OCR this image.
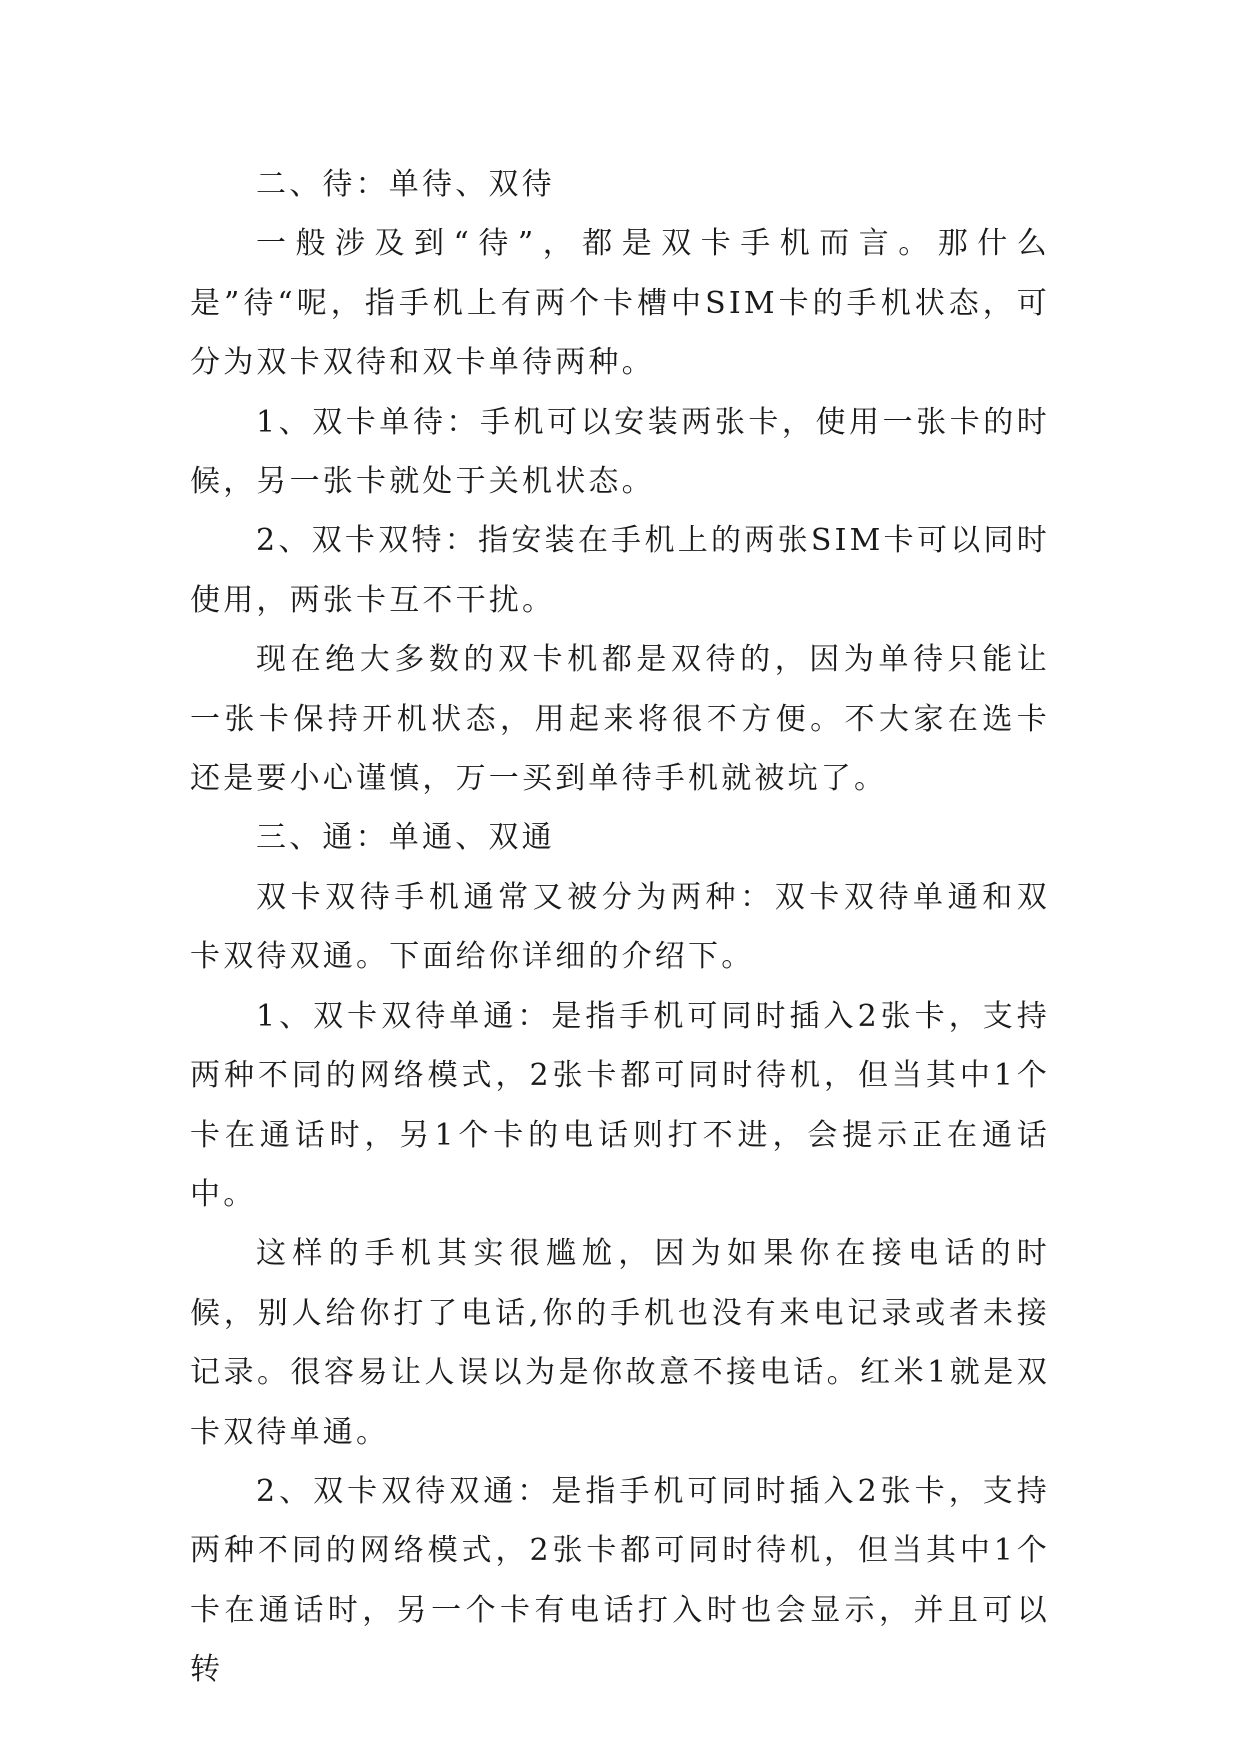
二、待：单待、双待

一般涉及到“待”，都是双卡手机而言。那什么是”待“呢，指手机上有两个卡槽中SIM卡的手机状态，可分为双卡双待和双卡单待两种。

1、双卡单待：手机可以安装两张卡，使用一张卡的时候，另一张卡就处于关机状态。

2、双卡双特：指安装在手机上的两张SIM卡可以同时使用，两张卡互不干扰。

现在绝大多数的双卡机都是双待的，因为单待只能让一张卡保持开机状态，用起来将很不方便。不大家在选卡还是要小心谨慎，万一买到单待手机就被坑了。

三、通：单通、双通

双卡双待手机通常又被分为两种：双卡双待单通和双卡双待双通。下面给你详细的介绍下。

1、双卡双待单通：是指手机可同时插入2张卡，支持两种不同的网络模式，2张卡都可同时待机，但当其中1个卡在通话时，另1个卡的电话则打不进，会提示正在通话中。

这样的手机其实很尴尬，因为如果你在接电话的时候，别人给你打了电话,你的手机也没有来电记录或者未接记录。很容易让人误以为是你故意不接电话。红米1就是双卡双待单通。

2、双卡双待双通：是指手机可同时插入2张卡，支持两种不同的网络模式，2张卡都可同时待机，但当其中1个卡在通话时，另一个卡有电话打入时也会显示，并且可以转
